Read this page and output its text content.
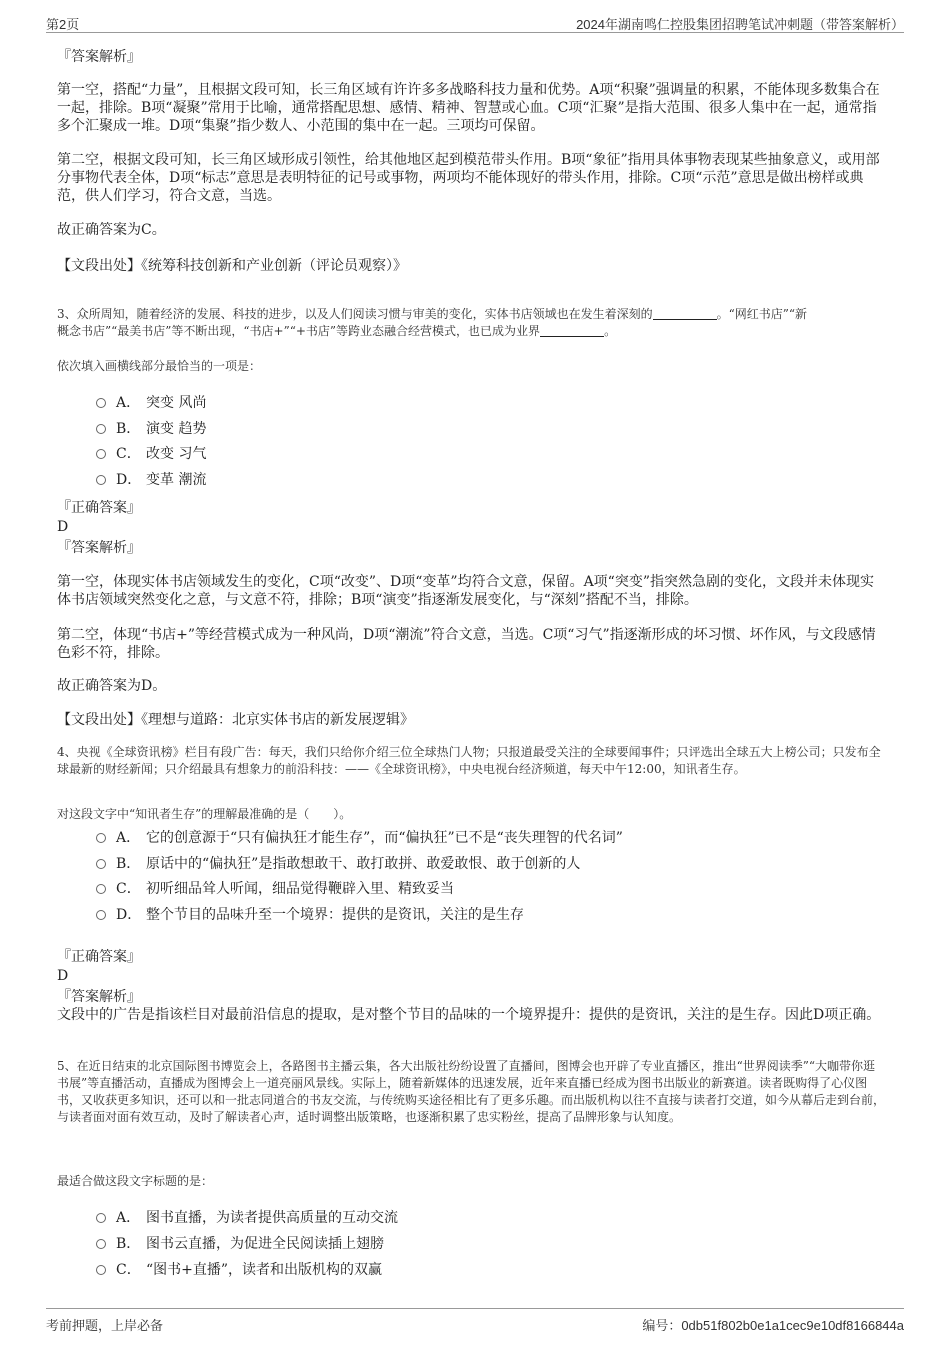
第2页	2024年湖南鸣仁控股集团招聘笔试冲刺题（带答案解析）
『答案解析』
第一空，搭配“力量”，且根据文段可知，长三角区域有许许多多战略科技力量和优势。A项“积聚”强调量的积累，不能体现多数集合在一起，排除。B项“凝聚”常用于比喻，通常搭配思想、感情、精神、智慧或心血。C项“汇聚”是指大范围、很多人集中在一起，通常指多个汇聚成一堆。D项“集聚”指少数人、小范围的集中在一起。三项均可保留。
第二空，根据文段可知，长三角区域形成引领性，给其他地区起到模范带头作用。B项“象征”指用具体事物表现某些抽象意义，或用部分事物代表全体，D项“标志”意思是表明特征的记号或事物，两项均不能体现好的带头作用，排除。C项“示范”意思是做出榜样或典范，供人们学习，符合文意，当选。
故正确答案为C。
【文段出处】《统筹科技创新和产业创新（评论员观察）》
3、众所周知，随着经济的发展、科技的进步，以及人们阅读习惯与审美的变化，实体书店领域也在发生着深刻的	。“网红书店”“新
概念书店”“最美书店”等不断出现，“书店+”“+书店”等跨业态融合经营模式，也已成为业界	。
依次填入画横线部分最恰当的一项是：
A． 突变 风尚
B． 演变 趋势
C． 改变 习气
D． 变革 潮流
『正确答案』
D
『答案解析』
第一空，体现实体书店领域发生的变化，C项“改变”、D项“变革”均符合文意，保留。A项“突变”指突然急剧的变化，文段并未体现实体书店领域突然变化之意，与文意不符，排除；B项“演变”指逐渐发展变化，与“深刻”搭配不当，排除。
第二空，体现“书店+”等经营模式成为一种风尚，D项“潮流”符合文意，当选。C项“习气”指逐渐形成的坏习惯、坏作风，与文段感情色彩不符，排除。
故正确答案为D。
【文段出处】《理想与道路：北京实体书店的新发展逻辑》
4、央视《全球资讯榜》栏目有段广告：每天，我们只给你介绍三位全球热门人物；只报道最受关注的全球要闻事件；只评选出全球五大上榜公司；只发布全球最新的财经新闻；只介绍最具有想象力的前沿科技：——《全球资讯榜》，中央电视台经济频道，每天中午12:00，知讯者生存。
对这段文字中“知讯者生存”的理解最准确的是（　　）。
A． 它的创意源于“只有偏执狂才能生存”，而“偏执狂”已不是“丧失理智的代名词”
B． 原话中的“偏执狂”是指敢想敢干、敢打敢拼、敢爱敢恨、敢于创新的人
C． 初听细品耸人听闻，细品觉得鞭辟入里、精致妥当
D． 整个节目的品味升至一个境界：提供的是资讯，关注的是生存
『正确答案』
D
『答案解析』
文段中的广告是指该栏目对最前沿信息的提取，是对整个节目的品味的一个境界提升：提供的是资讯，关注的是生存。因此D项正确。
5、在近日结束的北京国际图书博览会上，各路图书主播云集，各大出版社纷纷设置了直播间，图博会也开辟了专业直播区，推出“世界阅读季”“大咖带你逛书展”等直播活动，直播成为图博会上一道亮丽风景线。实际上，随着新媒体的迅速发展，近年来直播已经成为图书出版业的新赛道。读者既购得了心仪图书，又收获更多知识，还可以和一批志同道合的书友交流，与传统购买途径相比有了更多乐趣。而出版机构以往不直接与读者打交道，如今从幕后走到台前，与读者面对面有效互动，及时了解读者心声，适时调整出版策略，也逐渐积累了忠实粉丝，提高了品牌形象与认知度。
最适合做这段文字标题的是：
A． 图书直播，为读者提供高质量的互动交流
B． 图书云直播，为促进全民阅读插上翅膀
C． “图书+直播”，读者和出版机构的双赢
考前押题，上岸必备	编号：0db51f802b0e1a1cec9e10df8166844a
